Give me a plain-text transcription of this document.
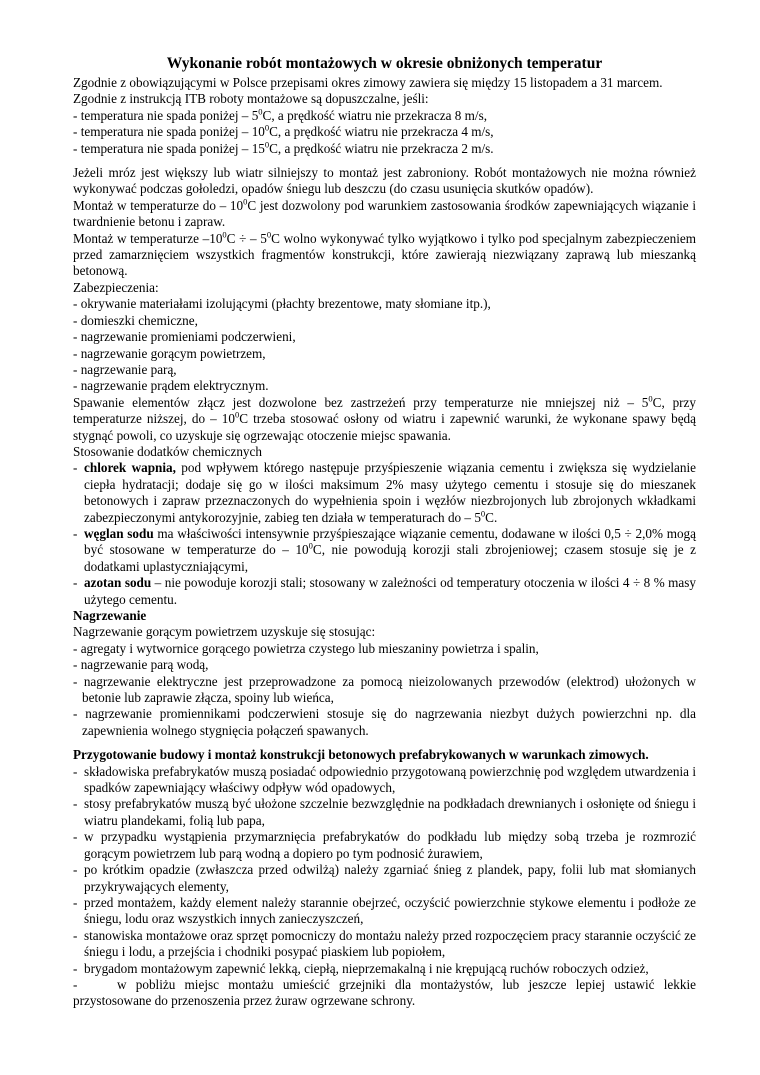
Wykonanie robót montażowych w okresie obniżonych temperatur

Zgodnie z obowiązującymi w Polsce przepisami okres zimowy zawiera się między 15 listopadem a 31 marcem.

Zgodnie z instrukcją ITB roboty montażowe są dopuszczalne, jeśli:

- temperatura nie spada poniżej – $5^0C$, a prędkość wiatru nie przekracza 8 m/s,
- temperatura nie spada poniżej – $10^0C$, a prędkość wiatru nie przekracza 4 m/s,
- temperatura nie spada poniżej – $15^0C$, a prędkość wiatru nie przekracza 2 m/s.

Jeżeli mróz jest większy lub wiatr silniejszy to montaż jest zabroniony. Robót montażowych nie można również wykonywać podczas gołoledzi, opadów śniegu lub deszczu (do czasu usunięcia skutków opadów).

Montaż w temperaturze do – $10^0C$ jest dozwolony pod warunkiem zastosowania środków zapewniających wiązanie i twardnienie betonu i zapraw.

Montaż w temperaturze $-10^0C$ ÷ – $5^0C$ wolno wykonywać tylko wyjątkowo i tylko pod specjalnym zabezpieczeniem przed zamarznięciem wszystkich fragmentów konstrukcji, które zawierają niezwiązany zaprawą lub mieszanką betonową.

Zabezpieczenia:
- okrywanie materiałami izolującymi (płachty brezentowe, maty słomiane itp.),
- domieszki chemiczne,
- nagrzewanie promieniami podczerwieni,
- nagrzewanie gorącym powietrzem,
- nagrzewanie parą,
- nagrzewanie prądem elektrycznym.

Spawanie elementów złącz jest dozwolone bez zastrzeżeń przy temperaturze nie mniejszej niż – $5^0C$, przy temperaturze niższej, do – $10^0C$ trzeba stosować osłony od wiatru i zapewnić warunki, że wykonane spawy będą stygnąć powoli, co uzyskuje się ogrzewając otoczenie miejsc spawania.

Stosowanie dodatków chemicznych
- chlorek wapnia, pod wpływem którego następuje przyśpieszenie wiązania cementu i zwiększa się wydzielanie ciepła hydratacji; dodaje się go w ilości maksimum 2% masy użytego cementu i stosuje się do mieszanek betonowych i zapraw przeznaczonych do wypełnienia spoin i węzłów niezbrojonych lub zbrojonych wkładkami zabezpieczonymi antykorozyjnie, zabieg ten działa w temperaturach do – $5^0C$.
- węglan sodu ma właściwości intensywnie przyśpieszające wiązanie cementu, dodawane w ilości 0,5 ÷ 2,0% mogą być stosowane w temperaturze do – $10^0C$, nie powodują korozji stali zbrojeniowej; czasem stosuje się je z dodatkami uplastyczniającymi,
- azotan sodu – nie powoduje korozji stali; stosowany w zależności od temperatury otoczenia w ilości 4 ÷ 8 % masy użytego cementu.
Nagrzewanie
Nagrzewanie gorącym powietrzem uzyskuje się stosując:
- agregaty i wytwornice gorącego powietrza czystego lub mieszaniny powietrza i spalin,
- nagrzewanie parą wodą,
- nagrzewanie elektryczne jest przeprowadzone za pomocą nieizolowanych przewodów (elektrod) ułożonych w betonie lub zaprawie złącza, spoiny lub wieńca,
- nagrzewanie promiennikami podczerwieni stosuje się do nagrzewania niezbyt dużych powierzchni np. dla zapewnienia wolnego stygnięcia połączeń spawanych.
Przygotowanie budowy i montaż konstrukcji betonowych prefabrykowanych w warunkach zimowych.
- składowiska prefabrykatów muszą posiadać odpowiednio przygotowaną powierzchnię pod względem utwardzenia i spadków zapewniający właściwy odpływ wód opadowych,
- stosy prefabrykatów muszą być ułożone szczelnie bezwzględnie na podkładach drewnianych i osłonięte od śniegu i wiatru plandekami, folią lub papa,
- w przypadku wystąpienia przymarznięcia prefabrykatów do podkładu lub między sobą trzeba je rozmrozić gorącym powietrzem lub parą wodną a dopiero po tym podnosić żurawiem,
- po krótkim opadzie (zwłaszcza przed odwilżą) należy zgarniać śnieg z plandek, papy, folii lub mat słomianych przykrywających elementy,
- przed montażem, każdy element należy starannie obejrzeć, oczyścić powierzchnie stykowe elementu i podłoże ze śniegu, lodu oraz wszystkich innych zanieczyszczeń,
- stanowiska montażowe oraz sprzęt pomocniczy do montażu należy przed rozpoczęciem pracy starannie oczyścić ze śniegu i lodu, a przejścia i chodniki posypać piaskiem lub popiołem,
- brygadom montażowym zapewnić lekką, ciepłą, nieprzemakalną i nie krępującą ruchów roboczych odzież,

-	w pobliżu miejsc montażu umieścić grzejniki dla montażystów, lub jeszcze lepiej ustawić lekkie przystosowane do przenoszenia przez żuraw ogrzewane schrony.
